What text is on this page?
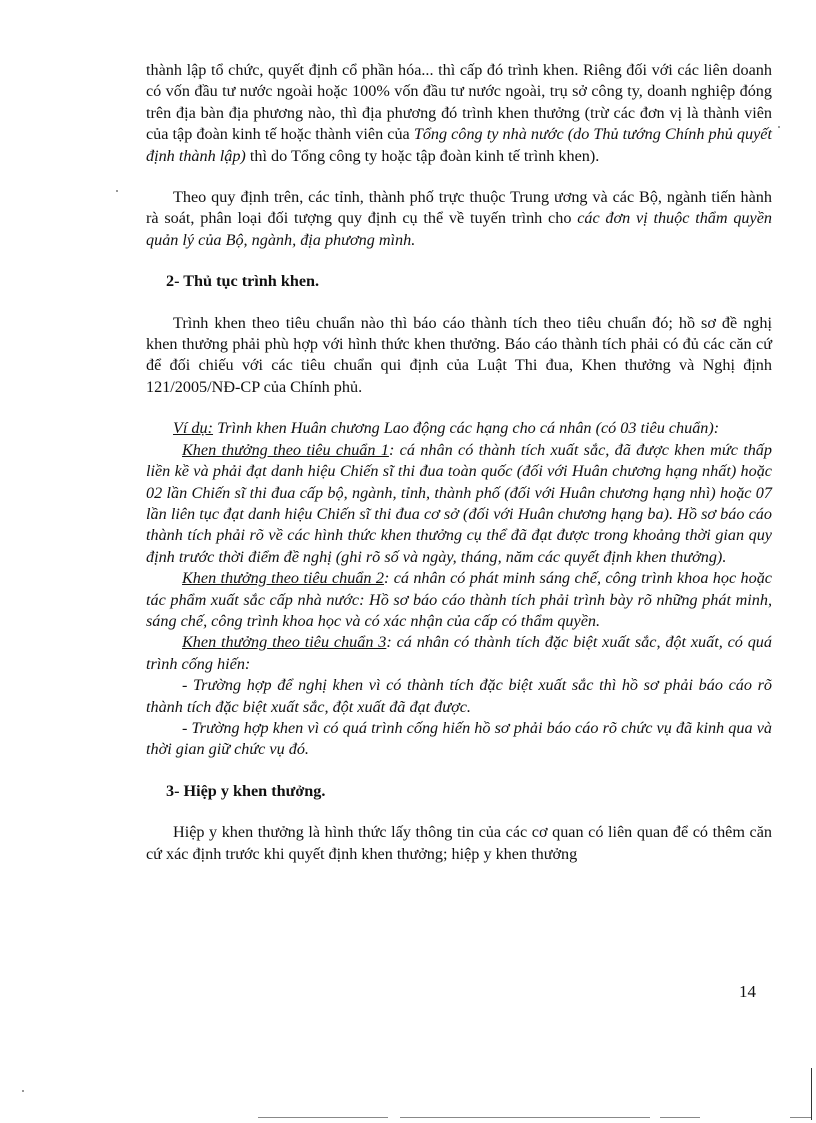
thành lập tổ chức, quyết định cổ phần hóa... thì cấp đó trình khen. Riêng đối với các liên doanh có vốn đầu tư nước ngoài hoặc 100% vốn đầu tư nước ngoài, trụ sở công ty, doanh nghiệp đóng trên địa bàn địa phương nào, thì địa phương đó trình khen thưởng (trừ các đơn vị là thành viên của tập đoàn kinh tế hoặc thành viên của Tổng công ty nhà nước (do Thủ tướng Chính phủ quyết định thành lập) thì do Tổng công ty hoặc tập đoàn kinh tế trình khen).

Theo quy định trên, các tỉnh, thành phố trực thuộc Trung ương và các Bộ, ngành tiến hành rà soát, phân loại đối tượng quy định cụ thể về tuyến trình cho các đơn vị thuộc thẩm quyền quản lý của Bộ, ngành, địa phương mình.

2- Thủ tục trình khen.

Trình khen theo tiêu chuẩn nào thì báo cáo thành tích theo tiêu chuẩn đó; hồ sơ đề nghị khen thưởng phải phù hợp với hình thức khen thưởng. Báo cáo thành tích phải có đủ các căn cứ để đối chiếu với các tiêu chuẩn qui định của Luật Thi đua, Khen thưởng và Nghị định 121/2005/NĐ-CP của Chính phủ.

Ví dụ: Trình khen Huân chương Lao động các hạng cho cá nhân (có 03 tiêu chuẩn):

Khen thưởng theo tiêu chuẩn 1: cá nhân có thành tích xuất sắc, đã được khen mức thấp liền kề và phải đạt danh hiệu Chiến sĩ thi đua toàn quốc (đối với Huân chương hạng nhất) hoặc 02 lần Chiến sĩ thi đua cấp bộ, ngành, tỉnh, thành phố (đối với Huân chương hạng nhì) hoặc 07 lần liên tục đạt danh hiệu Chiến sĩ thi đua cơ sở (đối với Huân chương hạng ba). Hồ sơ báo cáo thành tích phải rõ về các hình thức khen thưởng cụ thể đã đạt được trong khoảng thời gian quy định trước thời điểm đề nghị (ghi rõ số và ngày, tháng, năm các quyết định khen thưởng).

Khen thưởng theo tiêu chuẩn 2: cá nhân có phát minh sáng chế, công trình khoa học hoặc tác phẩm xuất sắc cấp nhà nước: Hồ sơ báo cáo thành tích phải trình bày rõ những phát minh, sáng chế, công trình khoa học và có xác nhận của cấp có thẩm quyền.

Khen thưởng theo tiêu chuẩn 3: cá nhân có thành tích đặc biệt xuất sắc, đột xuất, có quá trình cống hiến:

- Trường hợp để nghị khen vì có thành tích đặc biệt xuất sắc thì hồ sơ phải báo cáo rõ thành tích đặc biệt xuất sắc, đột xuất đã đạt được.

- Trường hợp khen vì có quá trình cống hiến hồ sơ phải báo cáo rõ chức vụ đã kinh qua và thời gian giữ chức vụ đó.

3- Hiệp y khen thưởng.

Hiệp y khen thưởng là hình thức lấy thông tin của các cơ quan có liên quan để có thêm căn cứ xác định trước khi quyết định khen thưởng; hiệp y khen thưởng

14
